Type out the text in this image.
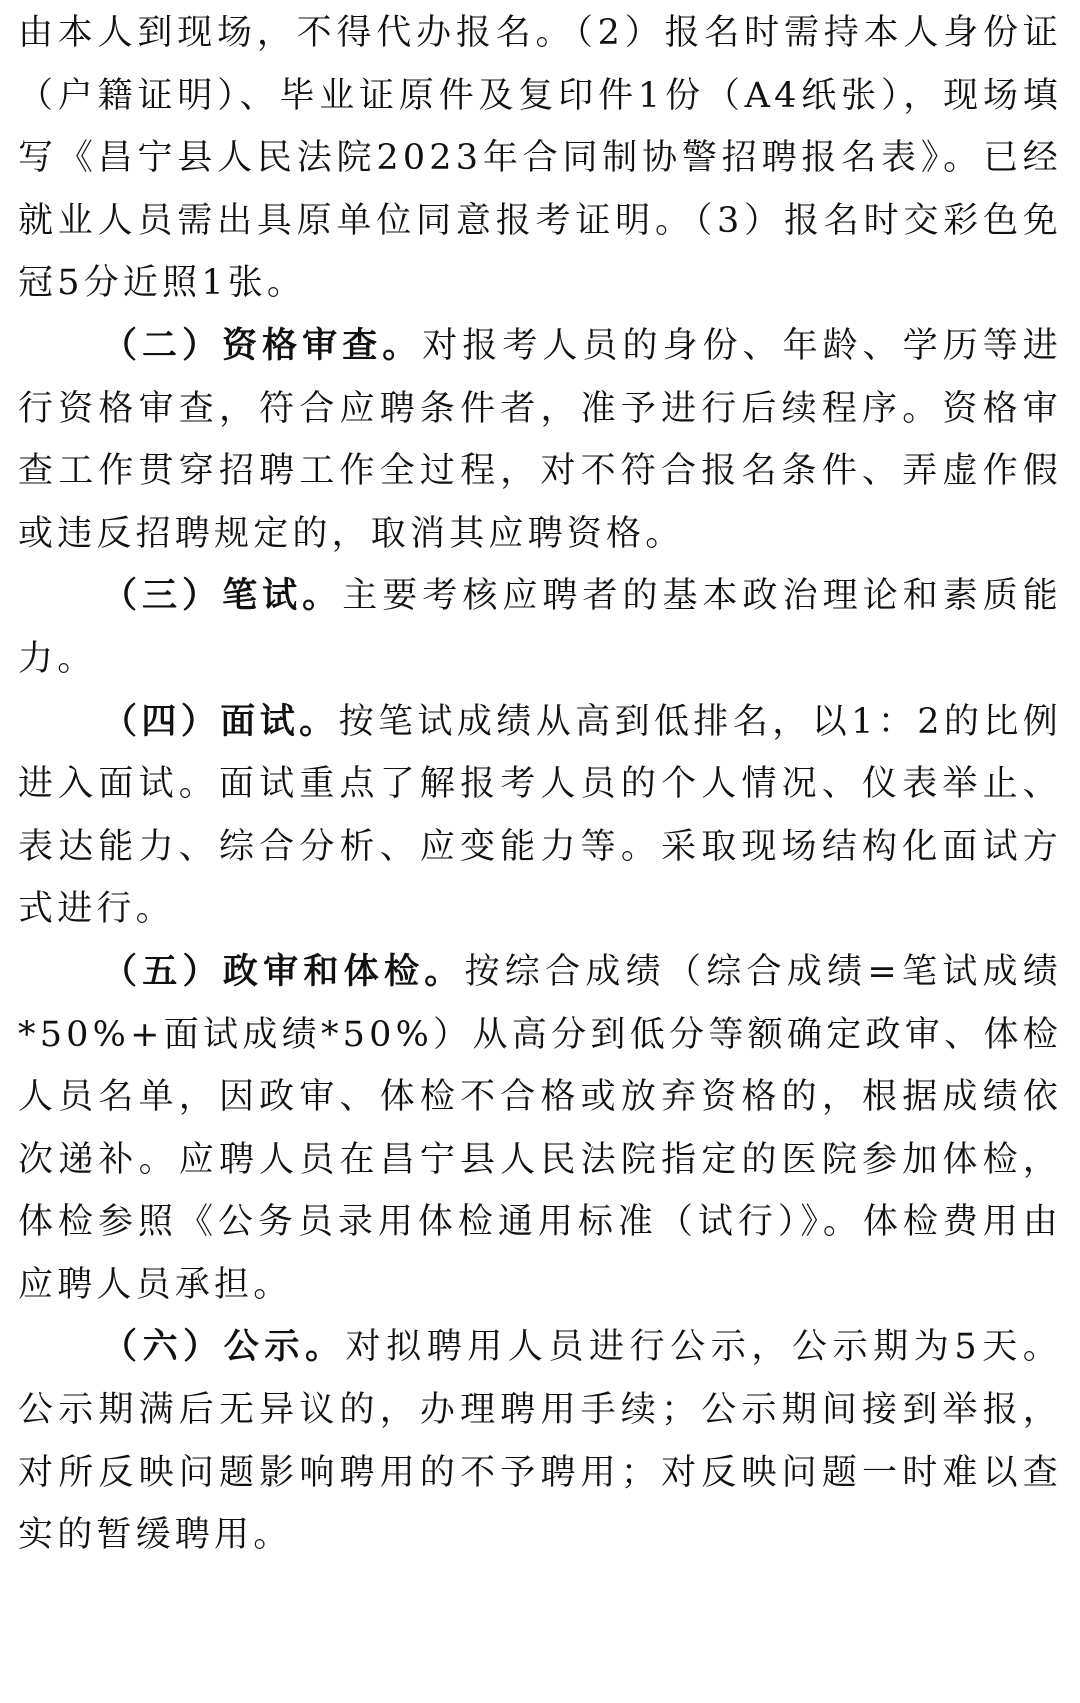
由本人到现场，不得代办报名。（2）报名时需持本人身份证（户籍证明）、毕业证原件及复印件1份（A4纸张），现场填写《昌宁县人民法院2023年合同制协警招聘报名表》。已经就业人员需出具原单位同意报考证明。（3）报名时交彩色免冠5分近照1张。

（二）资格审查。对报考人员的身份、年龄、学历等进行资格审查，符合应聘条件者，准予进行后续程序。资格审查工作贯穿招聘工作全过程，对不符合报名条件、弄虚作假或违反招聘规定的，取消其应聘资格。

（三）笔试。主要考核应聘者的基本政治理论和素质能力。

（四）面试。按笔试成绩从高到低排名，以1：2的比例进入面试。面试重点了解报考人员的个人情况、仪表举止、表达能力、综合分析、应变能力等。采取现场结构化面试方式进行。

（五）政审和体检。按综合成绩（综合成绩=笔试成绩*50%+面试成绩*50%）从高分到低分等额确定政审、体检人员名单，因政审、体检不合格或放弃资格的，根据成绩依次递补。应聘人员在昌宁县人民法院指定的医院参加体检，体检参照《公务员录用体检通用标准（试行）》。体检费用由应聘人员承担。

（六）公示。对拟聘用人员进行公示，公示期为5天。公示期满后无异议的，办理聘用手续；公示期间接到举报，对所反映问题影响聘用的不予聘用；对反映问题一时难以查实的暂缓聘用。
